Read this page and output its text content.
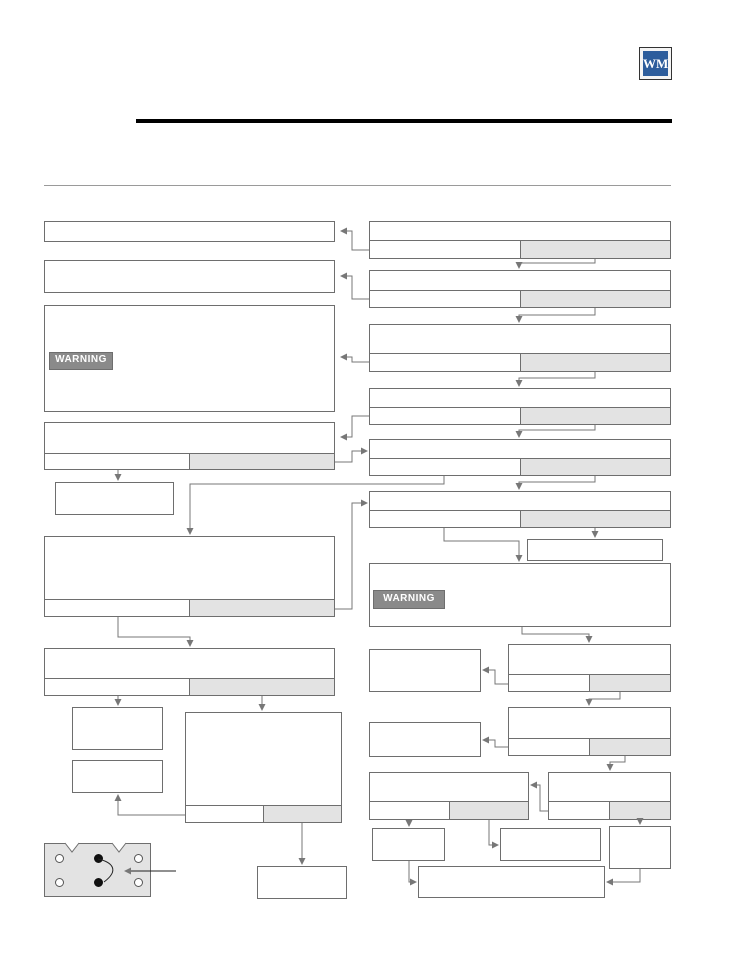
WM
WARNING
WARNING
